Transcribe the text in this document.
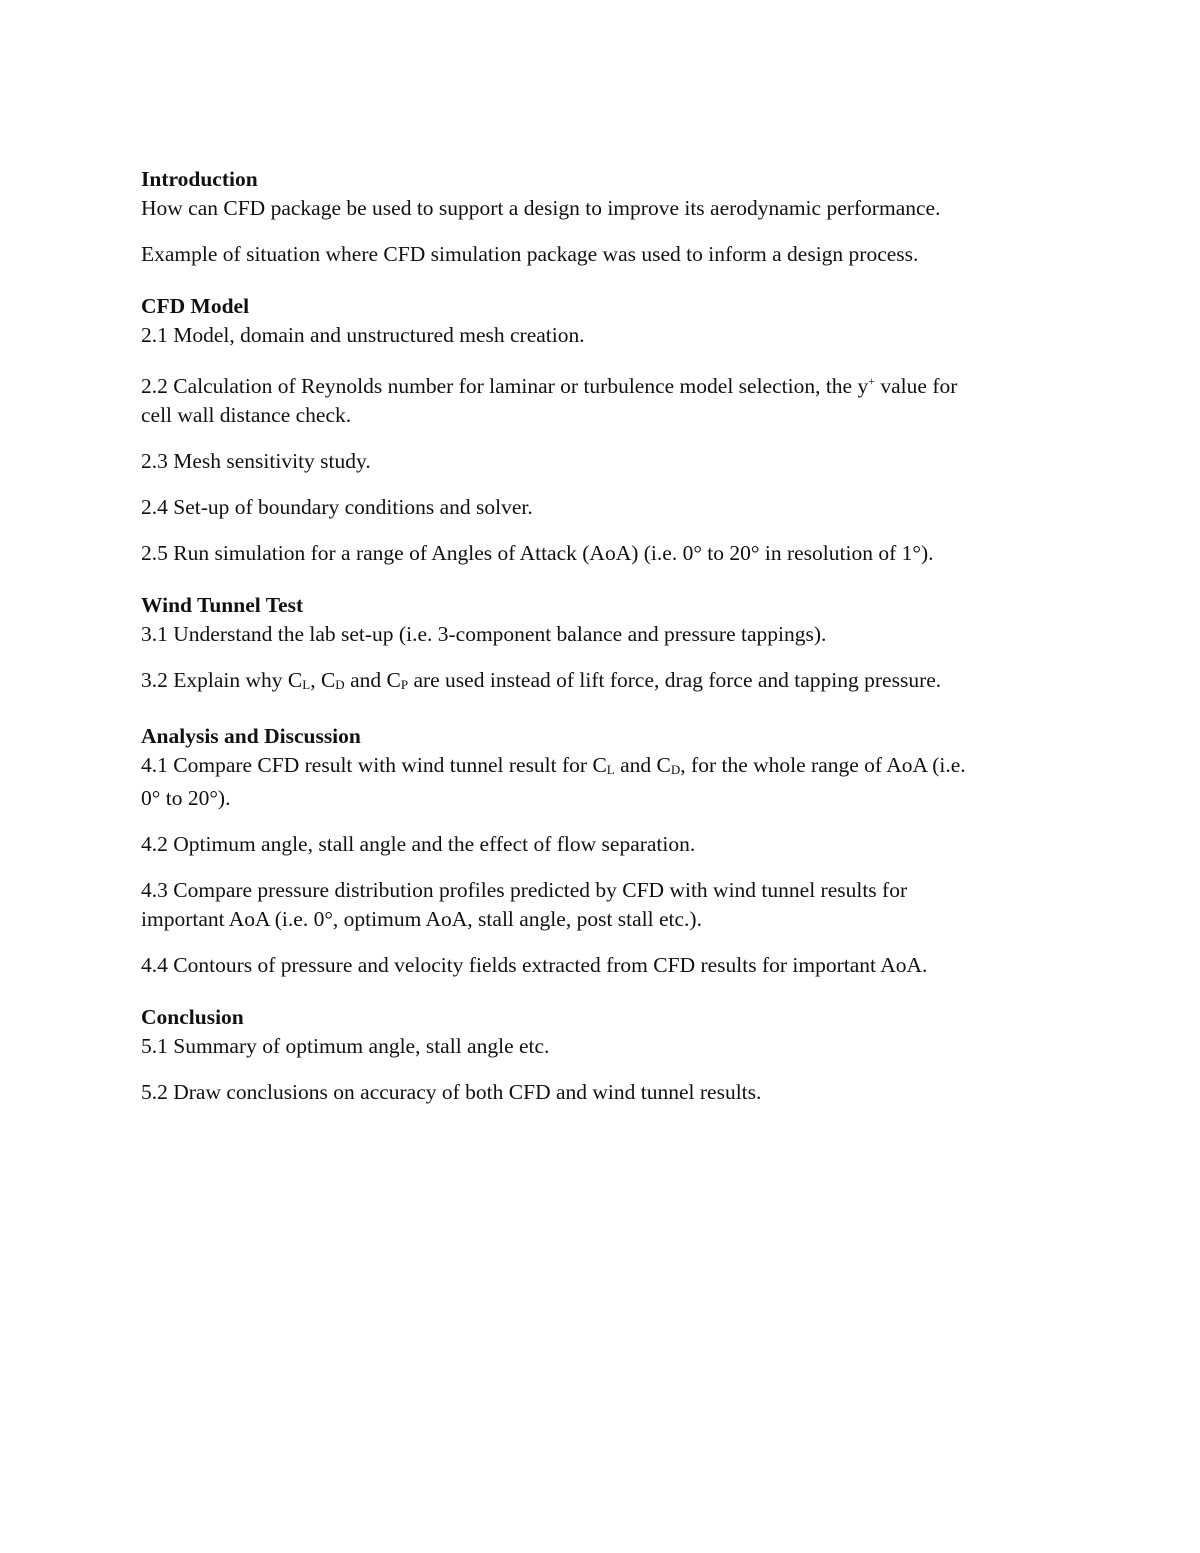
Introduction
How can CFD package be used to support a design to improve its aerodynamic performance.
Example of situation where CFD simulation package was used to inform a design process.
CFD Model
2.1 Model, domain and unstructured mesh creation.
2.2 Calculation of Reynolds number for laminar or turbulence model selection, the y+ value for
cell wall distance check.
2.3 Mesh sensitivity study.
2.4 Set-up of boundary conditions and solver.
2.5 Run simulation for a range of Angles of Attack (AoA) (i.e. 0° to 20° in resolution of 1°).
Wind Tunnel Test
3.1 Understand the lab set-up (i.e. 3-component balance and pressure tappings).
3.2 Explain why CL, CD and CP are used instead of lift force, drag force and tapping pressure.
Analysis and Discussion
4.1 Compare CFD result with wind tunnel result for CL and CD, for the whole range of AoA (i.e.
0° to 20°).
4.2 Optimum angle, stall angle and the effect of flow separation.
4.3 Compare pressure distribution profiles predicted by CFD with wind tunnel results for
important AoA (i.e. 0°, optimum AoA, stall angle, post stall etc.).
4.4 Contours of pressure and velocity fields extracted from CFD results for important AoA.
Conclusion
5.1 Summary of optimum angle, stall angle etc.
5.2 Draw conclusions on accuracy of both CFD and wind tunnel results.
